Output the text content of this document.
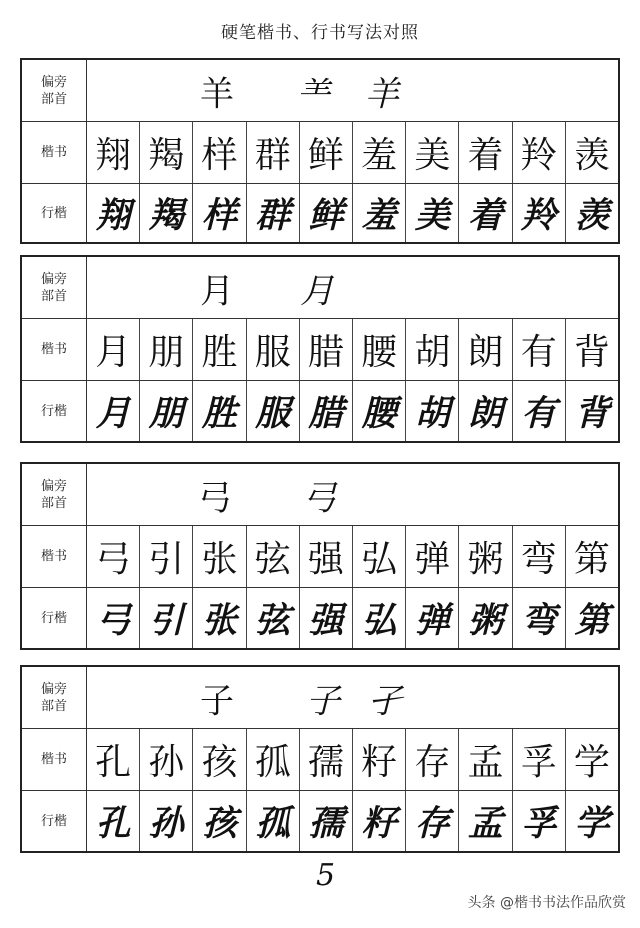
硬笔楷书、行书写法对照
偏旁
部首	羊 ⺷ 羊
楷书 翔 羯 样 群 鲜 羞 美 着 羚 羡
行楷 翔 羯 样 群 鲜 羞 美 着 羚 羡
偏旁
部首	月 月
楷书 月 朋 胜 服 腊 腰 胡 朗 有 背
行楷 月 朋 胜 服 腊 腰 胡 朗 有 背
偏旁
部首	弓 弓
楷书 弓 引 张 弦 强 弘 弹 粥 弯 第
行楷 弓 引 张 弦 强 弘 弹 粥 弯 第
偏旁
部首	子 子 孑
楷书 孔 孙 孩 孤 孺 籽 存 孟 孚 学
行楷 孔 孙 孩 孤 孺 籽 存 孟 孚 学
5
头条 @楷书书法作品欣赏
